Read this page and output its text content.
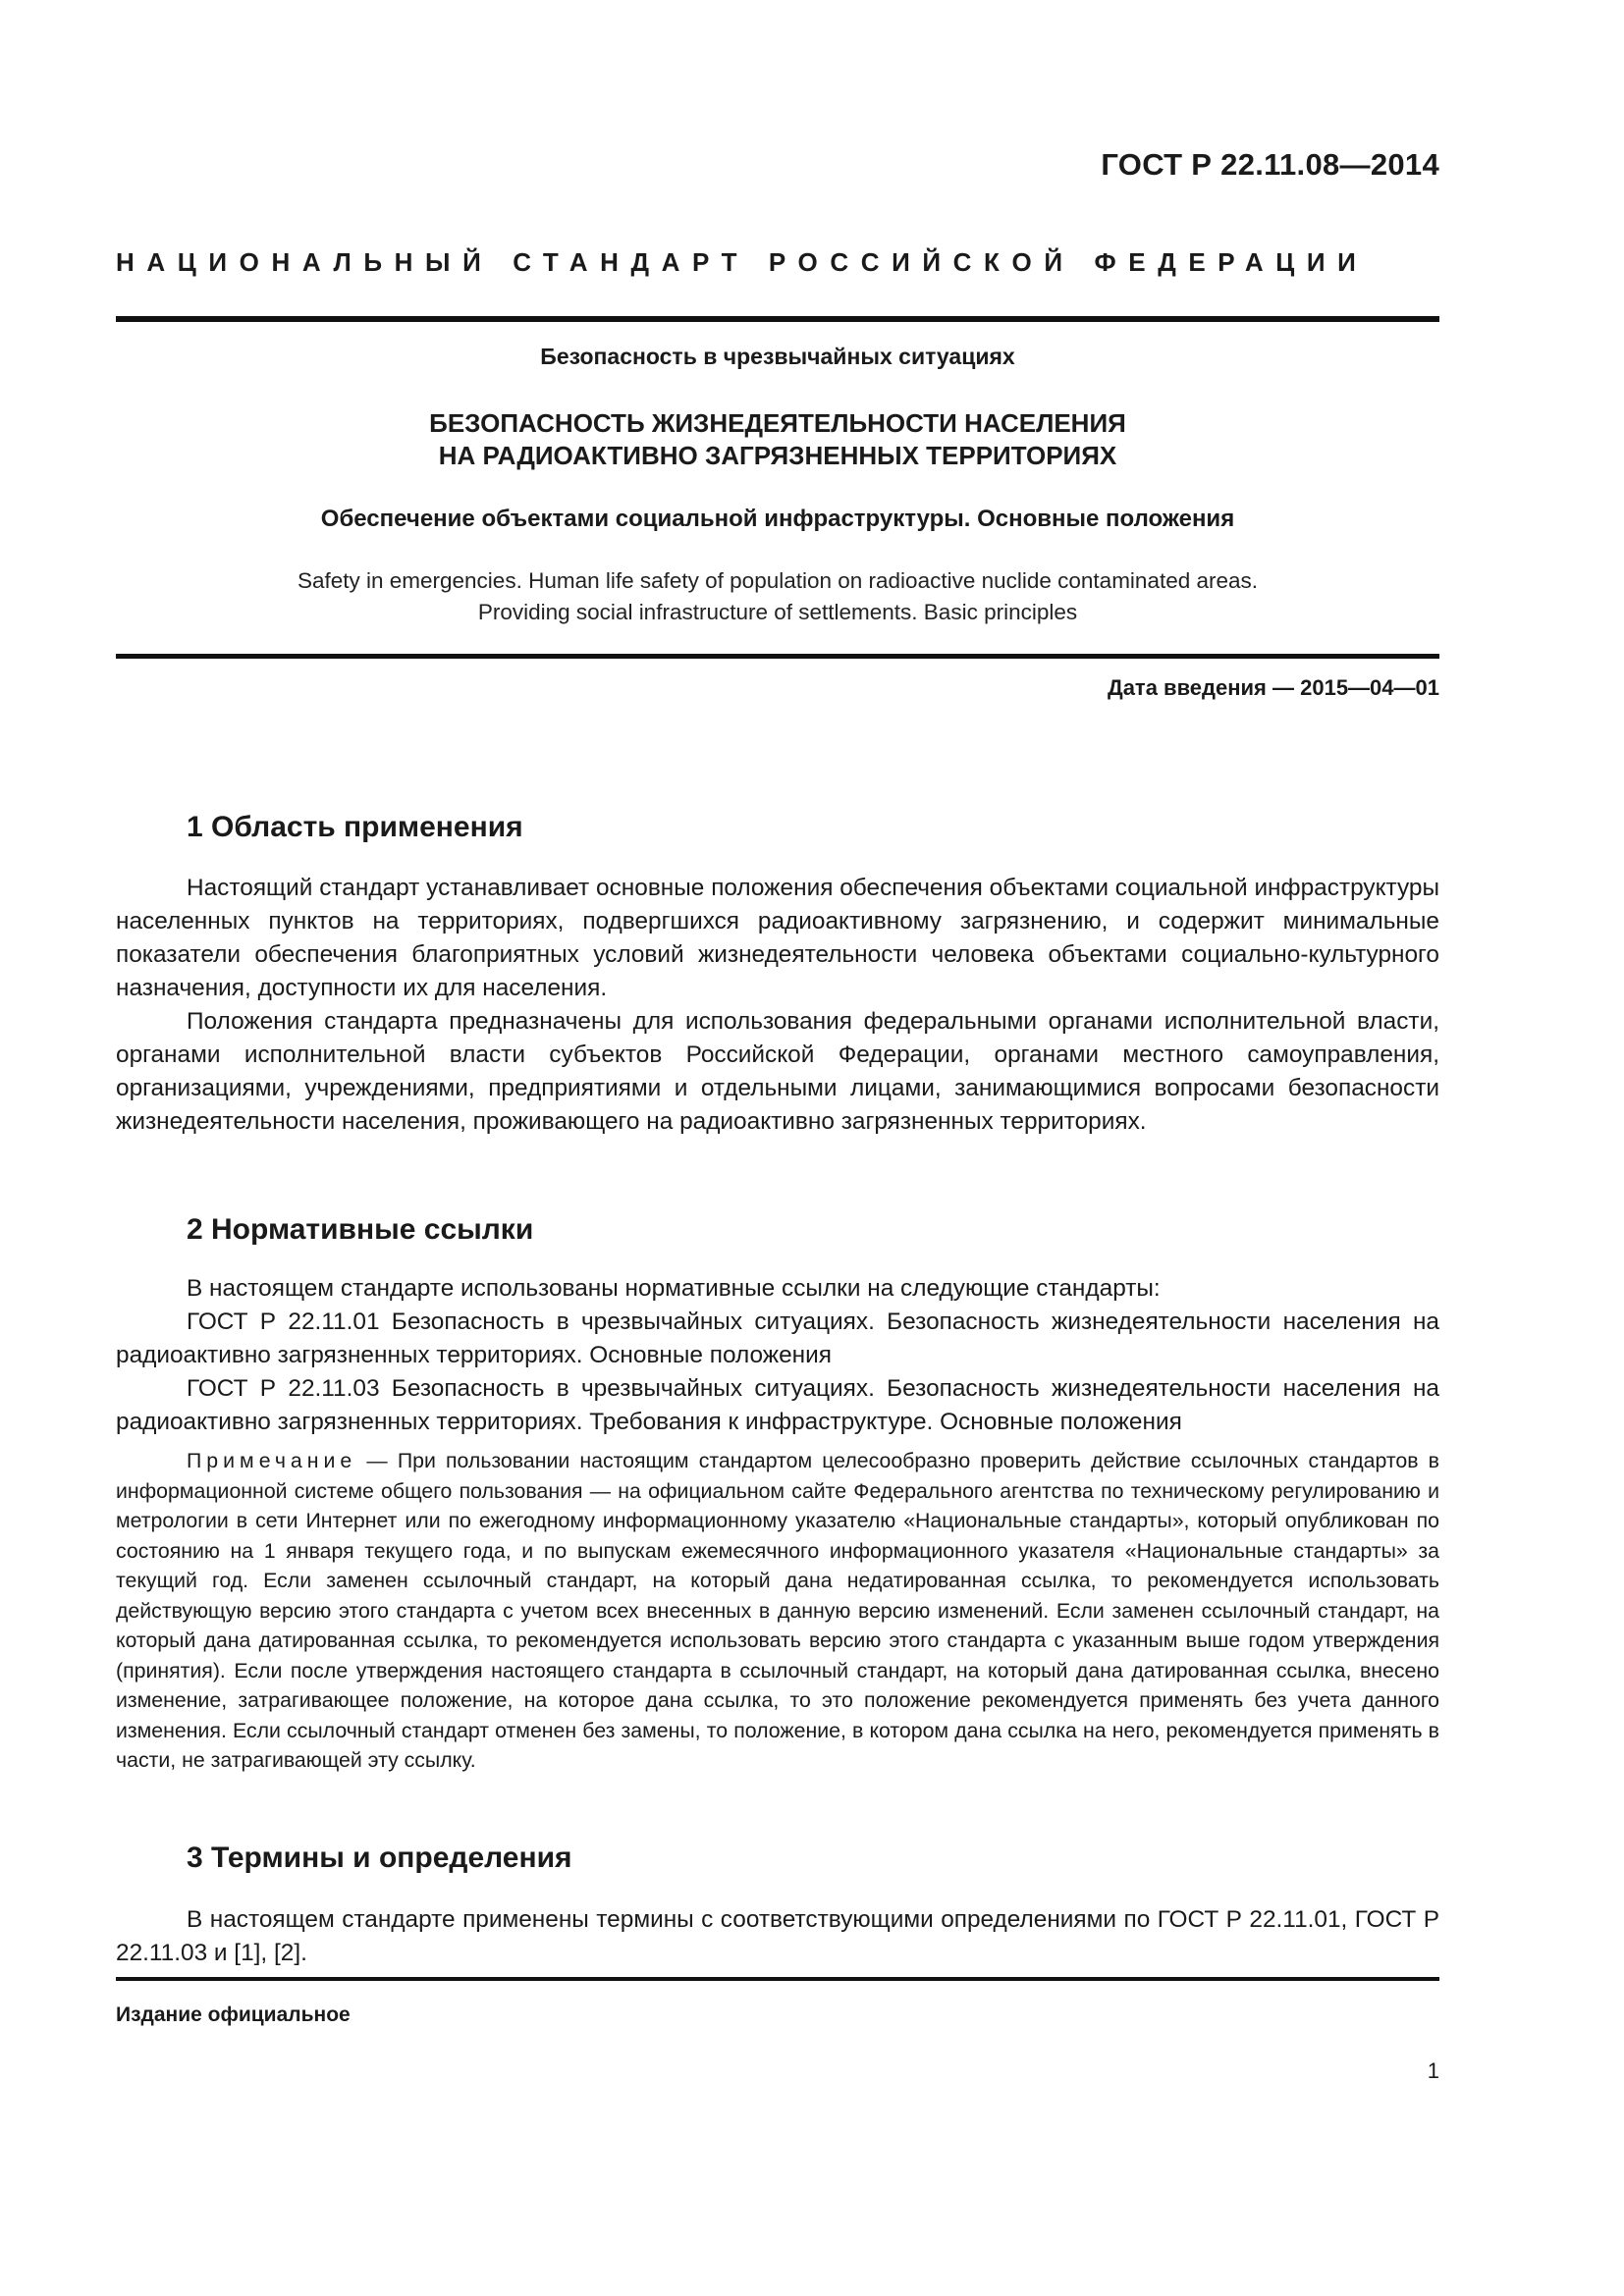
ГОСТ Р 22.11.08—2014
НАЦИОНАЛЬНЫЙ СТАНДАРТ РОССИЙСКОЙ ФЕДЕРАЦИИ
Безопасность в чрезвычайных ситуациях
БЕЗОПАСНОСТЬ ЖИЗНЕДЕЯТЕЛЬНОСТИ НАСЕЛЕНИЯ
НА РАДИОАКТИВНО ЗАГРЯЗНЕННЫХ ТЕРРИТОРИЯХ
Обеспечение объектами социальной инфраструктуры. Основные положения
Safety in emergencies. Human life safety of population on radioactive nuclide contaminated areas.
Providing social infrastructure of settlements. Basic principles
Дата введения — 2015—04—01
1 Область применения

Настоящий стандарт устанавливает основные положения обеспечения объектами социальной инфраструктуры населенных пунктов на территориях, подвергшихся радиоактивному загрязнению, и содержит минимальные показатели обеспечения благоприятных условий жизнедеятельности человека объектами социально-культурного назначения, доступности их для населения.

Положения стандарта предназначены для использования федеральными органами исполнительной власти, органами исполнительной власти субъектов Российской Федерации, органами местного самоуправления, организациями, учреждениями, предприятиями и отдельными лицами, занимающимися вопросами безопасности жизнедеятельности населения, проживающего на радиоактивно загрязненных территориях.

2 Нормативные ссылки

В настоящем стандарте использованы нормативные ссылки на следующие стандарты:

ГОСТ Р 22.11.01 Безопасность в чрезвычайных ситуациях. Безопасность жизнедеятельности населения на радиоактивно загрязненных территориях. Основные положения

ГОСТ Р 22.11.03 Безопасность в чрезвычайных ситуациях. Безопасность жизнедеятельности населения на радиоактивно загрязненных территориях. Требования к инфраструктуре. Основные положения

Примечание — При пользовании настоящим стандартом целесообразно проверить действие ссылочных стандартов в информационной системе общего пользования — на официальном сайте Федерального агентства по техническому регулированию и метрологии в сети Интернет или по ежегодному информационному указателю «Национальные стандарты», который опубликован по состоянию на 1 января текущего года, и по выпускам ежемесячного информационного указателя «Национальные стандарты» за текущий год. Если заменен ссылочный стандарт, на который дана недатированная ссылка, то рекомендуется использовать действующую версию этого стандарта с учетом всех внесенных в данную версию изменений. Если заменен ссылочный стандарт, на который дана датированная ссылка, то рекомендуется использовать версию этого стандарта с указанным выше годом утверждения (принятия). Если после утверждения настоящего стандарта в ссылочный стандарт, на который дана датированная ссылка, внесено изменение, затрагивающее положение, на которое дана ссылка, то это положение рекомендуется применять без учета данного изменения. Если ссылочный стандарт отменен без замены, то положение, в котором дана ссылка на него, рекомендуется применять в части, не затрагивающей эту ссылку.

3 Термины и определения

В настоящем стандарте применены термины с соответствующими определениями по ГОСТ Р 22.11.01, ГОСТ Р 22.11.03 и [1], [2].

Издание официальное
1
